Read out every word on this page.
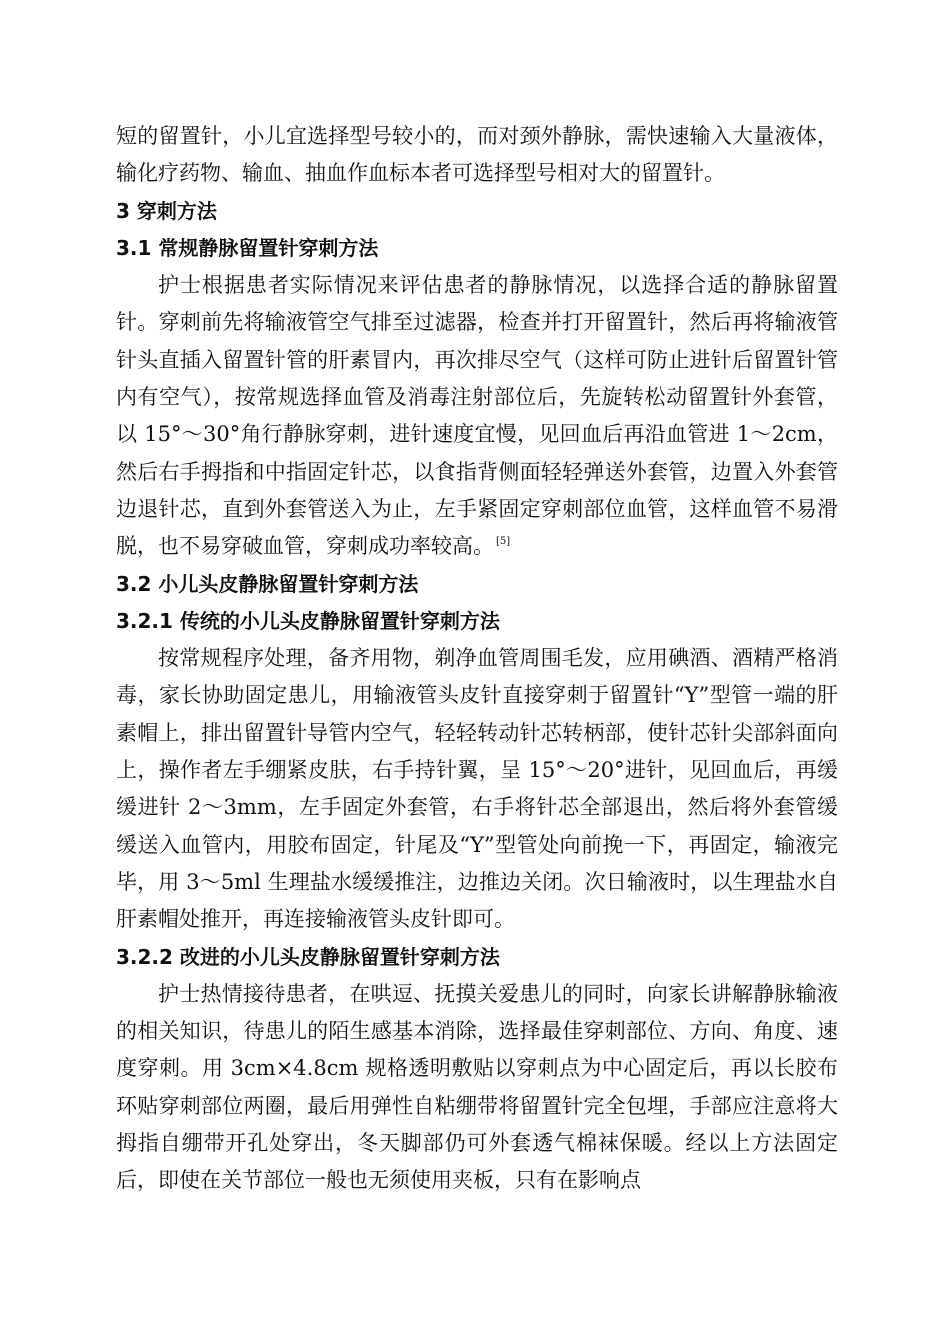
短的留置针，小儿宜选择型号较小的，而对颈外静脉，需快速输入大量液体，输化疗药物、输血、抽血作血标本者可选择型号相对大的留置针。

3 穿刺方法
3.1 常规静脉留置针穿刺方法

护士根据患者实际情况来评估患者的静脉情况，以选择合适的静脉留置针。穿刺前先将输液管空气排至过滤器，检查并打开留置针，然后再将输液管针头直插入留置针管的肝素冒内，再次排尽空气（这样可防止进针后留置针管内有空气），按常规选择血管及消毒注射部位后，先旋转松动留置针外套管，以 15°～30°角行静脉穿刺，进针速度宜慢，见回血后再沿血管进 1～2cm，然后右手拇指和中指固定针芯，以食指背侧面轻轻弹送外套管，边置入外套管边退针芯，直到外套管送入为止，左手紧固定穿刺部位血管，这样血管不易滑脱，也不易穿破血管，穿刺成功率较高。 [5]

3.2 小儿头皮静脉留置针穿刺方法
3.2.1 传统的小儿头皮静脉留置针穿刺方法

按常规程序处理，备齐用物，剃净血管周围毛发，应用碘酒、酒精严格消毒，家长协助固定患儿，用输液管头皮针直接穿刺于留置针“Y”型管一端的肝素帽上，排出留置针导管内空气，轻轻转动针芯转柄部，使针芯针尖部斜面向上，操作者左手绷紧皮肤，右手持针翼，呈 15°～20°进针，见回血后，再缓缓进针 2～3mm，左手固定外套管，右手将针芯全部退出，然后将外套管缓缓送入血管内，用胶布固定，针尾及“Y”型管处向前挽一下，再固定，输液完毕，用 3～5ml 生理盐水缓缓推注，边推边关闭。次日输液时，以生理盐水自肝素帽处推开，再连接输液管头皮针即可。

3.2.2 改进的小儿头皮静脉留置针穿刺方法

护士热情接待患者，在哄逗、抚摸关爱患儿的同时，向家长讲解静脉输液的相关知识，待患儿的陌生感基本消除，选择最佳穿刺部位、方向、角度、速度穿刺。用 3cm×4.8cm 规格透明敷贴以穿刺点为中心固定后，再以长胶布环贴穿刺部位两圈，最后用弹性自粘绷带将留置针完全包埋，手部应注意将大拇指自绷带开孔处穿出，冬天脚部仍可外套透气棉袜保暖。经以上方法固定后，即使在关节部位一般也无须使用夹板，只有在影响点
